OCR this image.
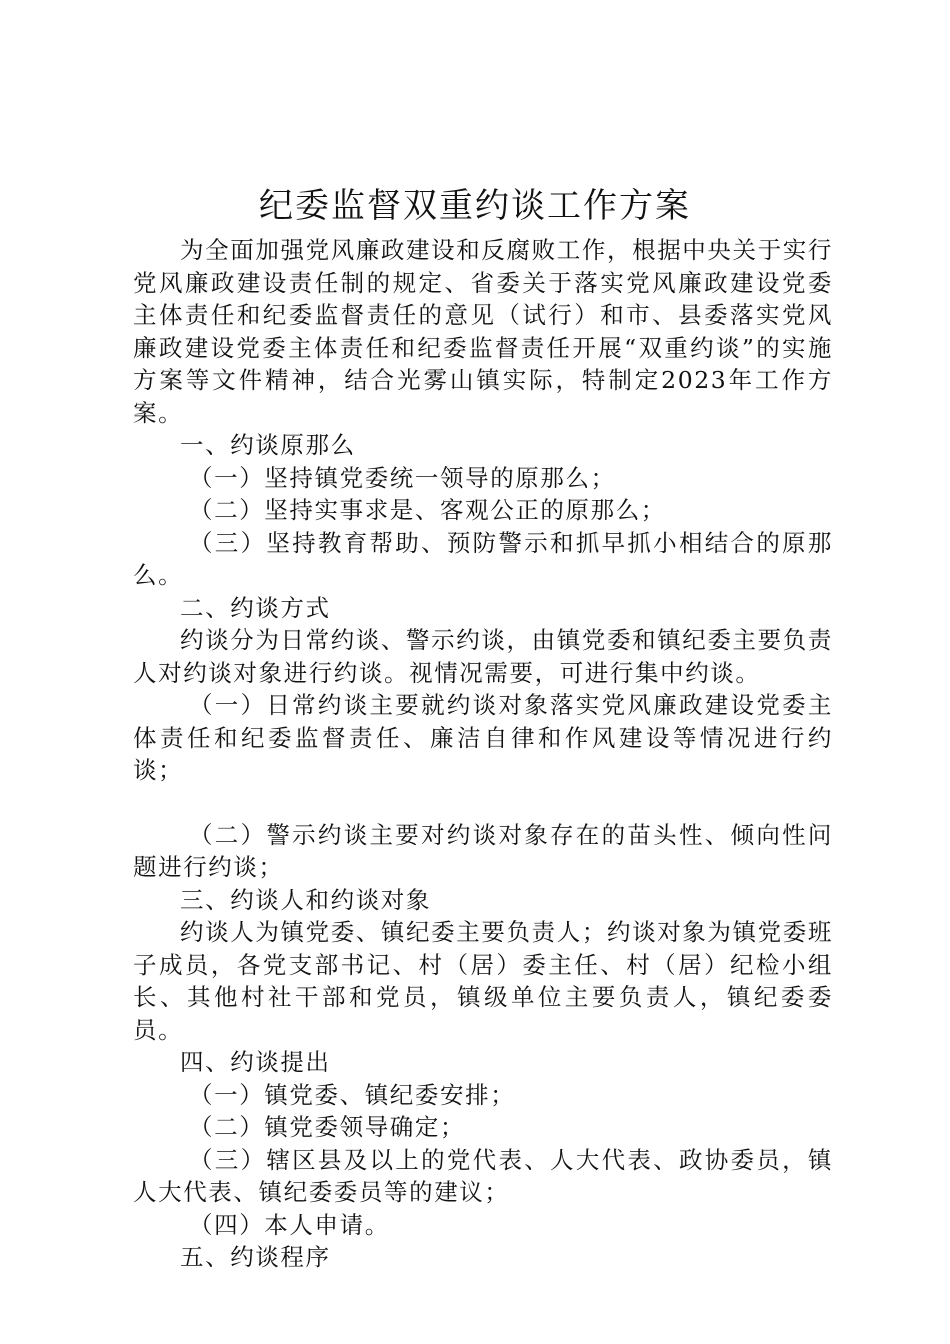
纪委监督双重约谈工作方案

为全面加强党风廉政建设和反腐败工作，根据中央关于实行党风廉政建设责任制的规定、省委关于落实党风廉政建设党委主体责任和纪委监督责任的意见（试行）和市、县委落实党风廉政建设党委主体责任和纪委监督责任开展“双重约谈”的实施方案等文件精神，结合光雾山镇实际，特制定2023年工作方案。

一、约谈原那么

（一）坚持镇党委统一领导的原那么；

（二）坚持实事求是、客观公正的原那么；

（三）坚持教育帮助、预防警示和抓早抓小相结合的原那么。

二、约谈方式

约谈分为日常约谈、警示约谈，由镇党委和镇纪委主要负责人对约谈对象进行约谈。视情况需要，可进行集中约谈。

（一）日常约谈主要就约谈对象落实党风廉政建设党委主体责任和纪委监督责任、廉洁自律和作风建设等情况进行约谈；

（二）警示约谈主要对约谈对象存在的苗头性、倾向性问题进行约谈；

三、约谈人和约谈对象

约谈人为镇党委、镇纪委主要负责人；约谈对象为镇党委班子成员，各党支部书记、村（居）委主任、村（居）纪检小组长、其他村社干部和党员，镇级单位主要负责人，镇纪委委员。

四、约谈提出

（一）镇党委、镇纪委安排；

（二）镇党委领导确定；

（三）辖区县及以上的党代表、人大代表、政协委员，镇人大代表、镇纪委委员等的建议；

（四）本人申请。

五、约谈程序
